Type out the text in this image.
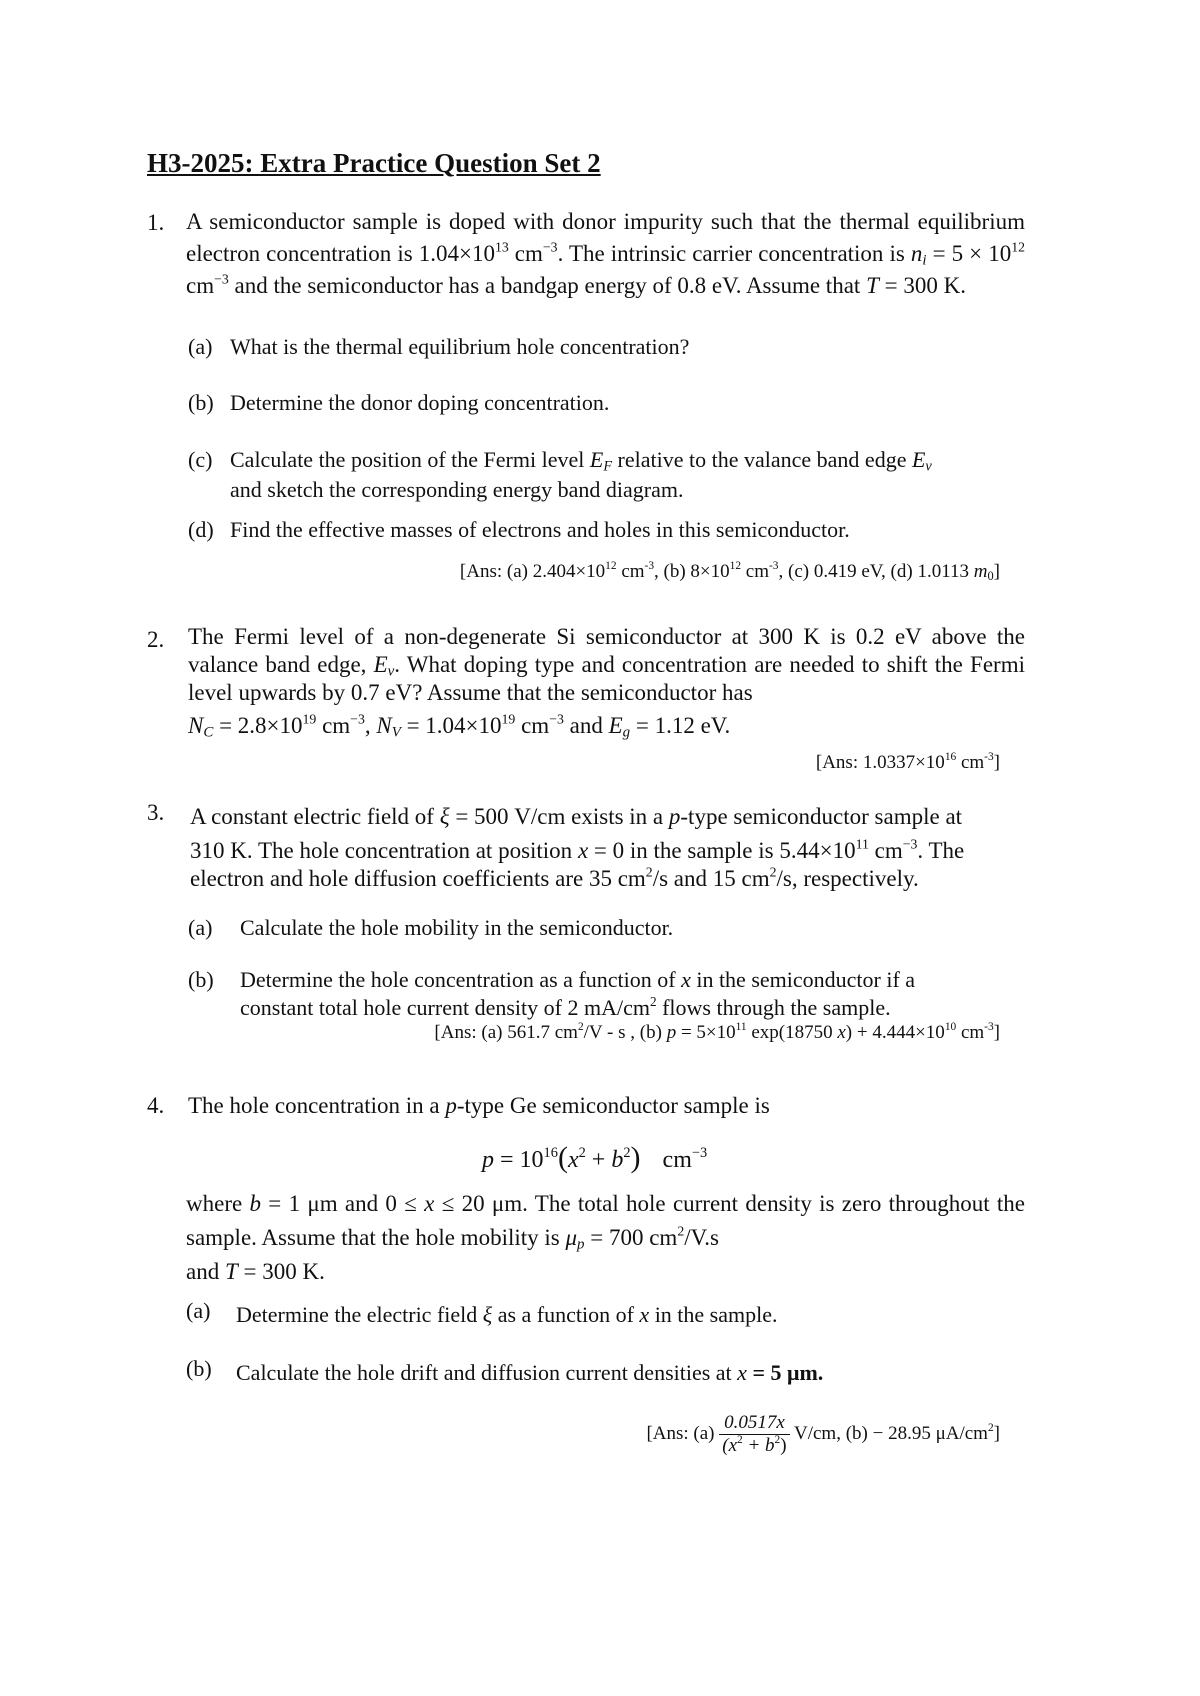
H3-2025: Extra Practice Question Set 2
1. A semiconductor sample is doped with donor impurity such that the thermal equilibrium electron concentration is $1.04\times 10^{13}$ $cm^{-3}$. The intrinsic carrier concentration is $n_i = 5 \times 10^{12}$ $cm^{-3}$ and the semiconductor has a bandgap energy of 0.8 eV. Assume that T = 300 K.
(a) What is the thermal equilibrium hole concentration?
(b) Determine the donor doping concentration.
(c) Calculate the position of the Fermi level $E_F$ relative to the valance band edge $E_v$
and sketch the corresponding energy band diagram.
(d) Find the effective masses of electrons and holes in this semiconductor.
[Ans: (a) $2.404\times 10^{12}$ $cm^{-3}$, (b) $8\times 10^{12}$ $cm^{-3}$, (c) 0.419 eV, (d) 1.0113 $m_0$]
2. The Fermi level of a non-degenerate Si semiconductor at 300 K is 0.2 eV above the valance band edge, $E_v$. What doping type and concentration are needed to shift the Fermi level upwards by 0.7 eV? Assume that the semiconductor has
$N_C = 2.8\times 10^{19}$ $cm^{-3}$, $N_V = 1.04\times 10^{19}$ $cm^{-3}$ and $E_g = 1.12$ eV.
[Ans: $1.0337\times 10^{16}$ $cm^{-3}$]
3. A constant electric field of ξ = 500 V/cm exists in a p-type semiconductor sample at
310 K. The hole concentration at position x = 0 in the sample is $5.44\times 10^{11}$ $cm^{-3}$. The
electron and hole diffusion coefficients are 35 $cm^2/s$ and 15 $cm^2/s$, respectively.
(a) Calculate the hole mobility in the semiconductor.
(b) Determine the hole concentration as a function of x in the semiconductor if a
constant total hole current density of 2 $mA/cm^2$ flows through the sample.
[Ans: (a) 561.7 $cm^2/V$ - s , (b) $p = 5\times 10^{11}$ exp(18750 $x) + 4.444\times 10^{10}$ $cm^{-3}$]
4. The hole concentration in a p-type Ge semiconductor sample is
$p = 10^{16}(x^2 + b^2)$ $cm^{-3}$
where b = 1 μm and 0 ≤ x ≤ 20 μm. The total hole current density is zero throughout the sample. Assume that the hole mobility is $\mu_p = 700$ $cm^2/V.s$
and T = 300 K.
(a) Determine the electric field ξ as a function of x in the sample.
(b) Calculate the hole drift and diffusion current densities at x = 5 μm.
[Ans: $(a) \frac{0.0517x}{(x^2 + b^2)} V/cm$, (b) − 28.95 $\mu A/cm^2$]
